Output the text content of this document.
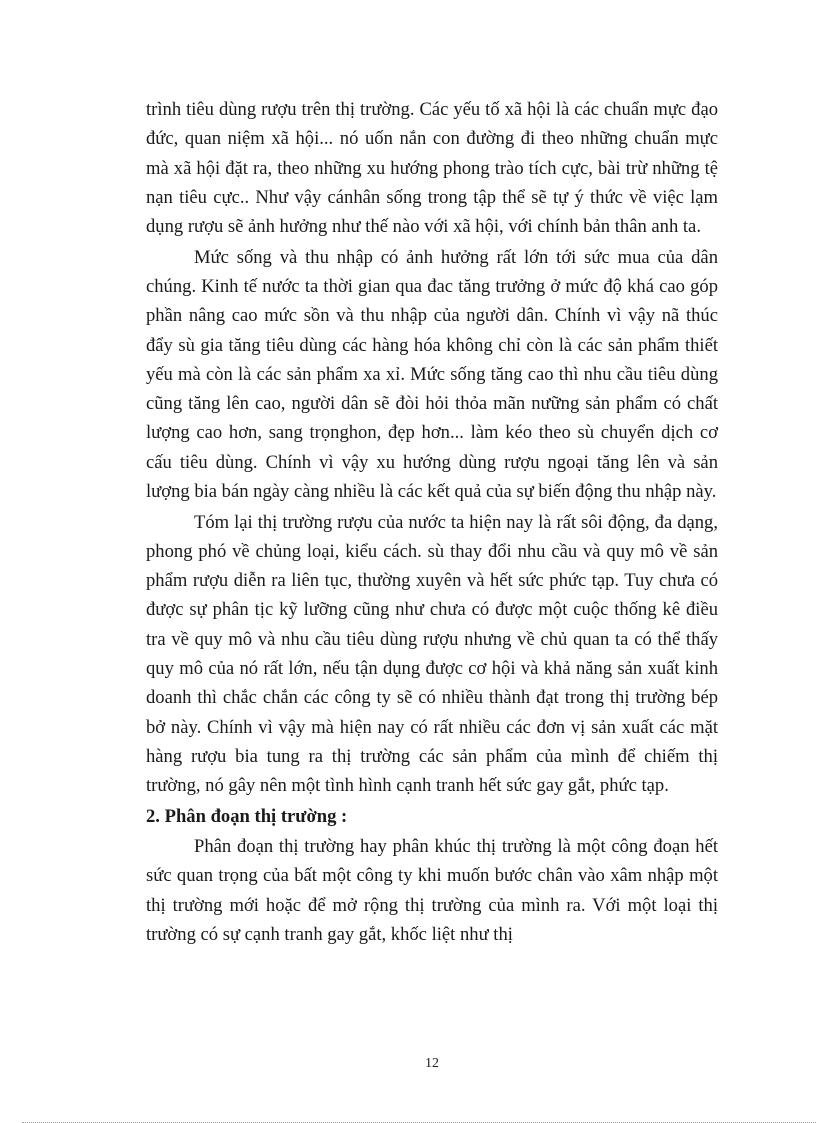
trình tiêu dùng rượu trên thị trường. Các yếu tố xã hội là các chuẩn mực đạo đức, quan niệm xã hội... nó uốn nắn con đường đi theo những chuẩn mực mà xã hội đặt ra, theo những xu hướng phong trào tích cực, bài trừ những tệ nạn tiêu cực.. Như vậy cánhân sống trong tập thể sẽ tự ý thức về việc lạm dụng rượu sẽ ảnh hưởng như thế nào với xã hội, với chính bản thân anh ta.

Mức sống và thu nhập có ảnh hưởng rất lớn tới sức mua của dân chúng. Kinh tế nước ta thời gian qua đac tăng trưởng ở mức độ khá cao góp phần nâng cao mức sồn và thu nhập của người dân. Chính vì vậy nã thúc đẩy sù gia tăng tiêu dùng các hàng hóa không chỉ còn là các sản phẩm thiết yếu mà còn là các sản phẩm xa xỉ. Mức sống tăng cao thì nhu cầu tiêu dùng cũng tăng lên cao, người dân sẽ đòi hỏi thỏa mãn nưững sản phẩm có chất lượng cao hơn, sang trọnghon, đẹp hơn... làm kéo theo sù chuyển dịch cơ cấu tiêu dùng. Chính vì vậy xu hướng dùng rượu ngoại tăng lên và sản lượng bia bán ngày càng nhiều là các kết quả của sự biến động thu nhập này.

Tóm lại thị trường rượu của nước ta hiện nay là rất sôi động, đa dạng, phong phó về chủng loại, kiểu cách. sù thay đổi nhu cầu và quy mô về sản phẩm rượu diễn ra liên tục, thường xuyên và hết sức phức tạp. Tuy chưa có được sự phân tịc kỹ lưỡng cũng như chưa có được một cuộc thống kê điều tra về quy mô và nhu cầu tiêu dùng rượu nhưng về chủ quan ta có thể thấy quy mô của nó rất lớn, nếu tận dụng được cơ hội và khả năng sản xuất kinh doanh thì chắc chắn các công ty sẽ có nhiều thành đạt trong thị trường bép bở này. Chính vì vậy mà hiện nay có rất nhiều các đơn vị sản xuất các mặt hàng rượu bia tung ra thị trường các sản phẩm của mình để chiếm thị trường, nó gây nên một tình hình cạnh tranh hết sức gay gắt, phức tạp.

2. Phân đoạn thị trường :

Phân đoạn thị trường hay phân khúc thị trường là một công đoạn hết sức quan trọng của bất một công ty khi muốn bước chân vào xâm nhập một thị trường mới hoặc để mở rộng thị trường của mình ra. Với một loại thị trường có sự cạnh tranh gay gắt, khốc liệt như thị

12
